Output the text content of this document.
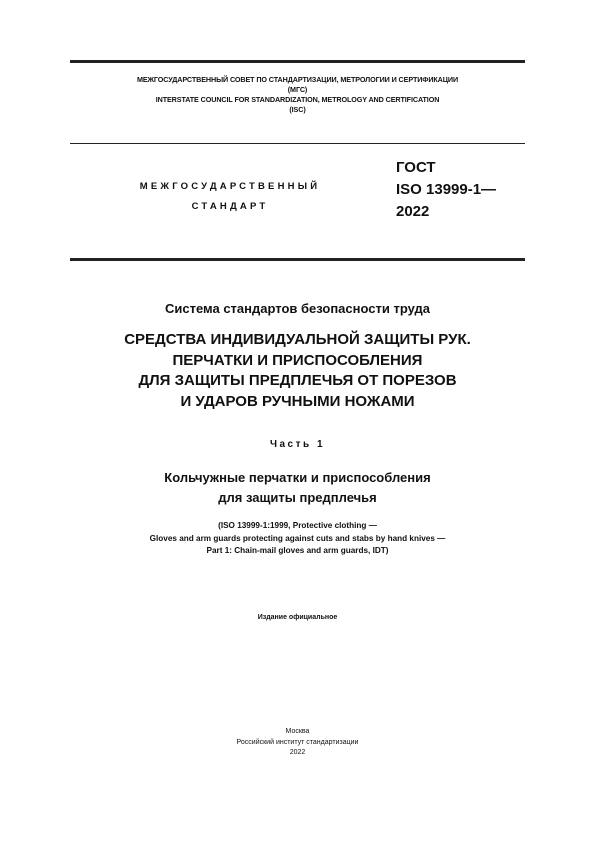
МЕЖГОСУДАРСТВЕННЫЙ СОВЕТ ПО СТАНДАРТИЗАЦИИ, МЕТРОЛОГИИ И СЕРТИФИКАЦИИ
(МГС)
INTERSTATE COUNCIL FOR STANDARDIZATION, METROLOGY AND CERTIFICATION
(ISC)
МЕЖГОСУДАРСТВЕННЫЙ
СТАНДАРТ
ГОСТ
ISO 13999-1—
2022
Система стандартов безопасности труда
СРЕДСТВА ИНДИВИДУАЛЬНОЙ ЗАЩИТЫ РУК.
ПЕРЧАТКИ И ПРИСПОСОБЛЕНИЯ
ДЛЯ ЗАЩИТЫ ПРЕДПЛЕЧЬЯ ОТ ПОРЕЗОВ
И УДАРОВ РУЧНЫМИ НОЖАМИ
Часть 1
Кольчужные перчатки и приспособления
для защиты предплечья
(ISO 13999-1:1999, Protective clothing —
Gloves and arm guards protecting against cuts and stabs by hand knives —
Part 1: Chain-mail gloves and arm guards, IDT)
Издание официальное
Москва
Российский институт стандартизации
2022
